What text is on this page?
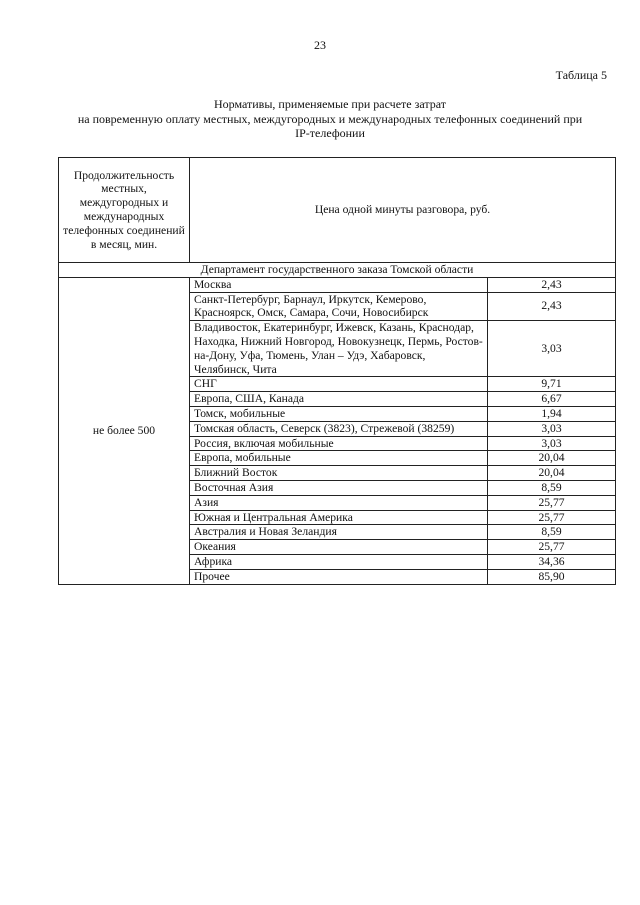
23
Таблица 5
Нормативы, применяемые при расчете затрат
на повременную оплату местных, междугородных и международных телефонных соединений при
IP-телефонии
Продолжительность местных, междугородных и международных телефонных соединений в месяц, мин.	Цена одной минуты разговора, руб.	
Департамент государственного заказа Томской области		
не более 500	Москва	2,43
	Санкт-Петербург, Барнаул, Иркутск, Кемерово, Красноярск, Омск, Самара, Сочи, Новосибирск	2,43
	Владивосток, Екатеринбург, Ижевск, Казань, Краснодар, Находка, Нижний Новгород, Новокузнецк, Пермь, Ростов-на-Дону, Уфа, Тюмень, Улан – Удэ, Хабаровск, Челябинск, Чита	3,03
	СНГ	9,71
	Европа, США, Канада	6,67
	Томск, мобильные	1,94
	Томская область, Северск (3823), Стрежевой (38259)	3,03
	Россия, включая мобильные	3,03
	Европа, мобильные	20,04
	Ближний Восток	20,04
	Восточная Азия	8,59
	Азия	25,77
	Южная и Центральная Америка	25,77
	Австралия и Новая Зеландия	8,59
	Океания	25,77
	Африка	34,36
	Прочее	85,90
